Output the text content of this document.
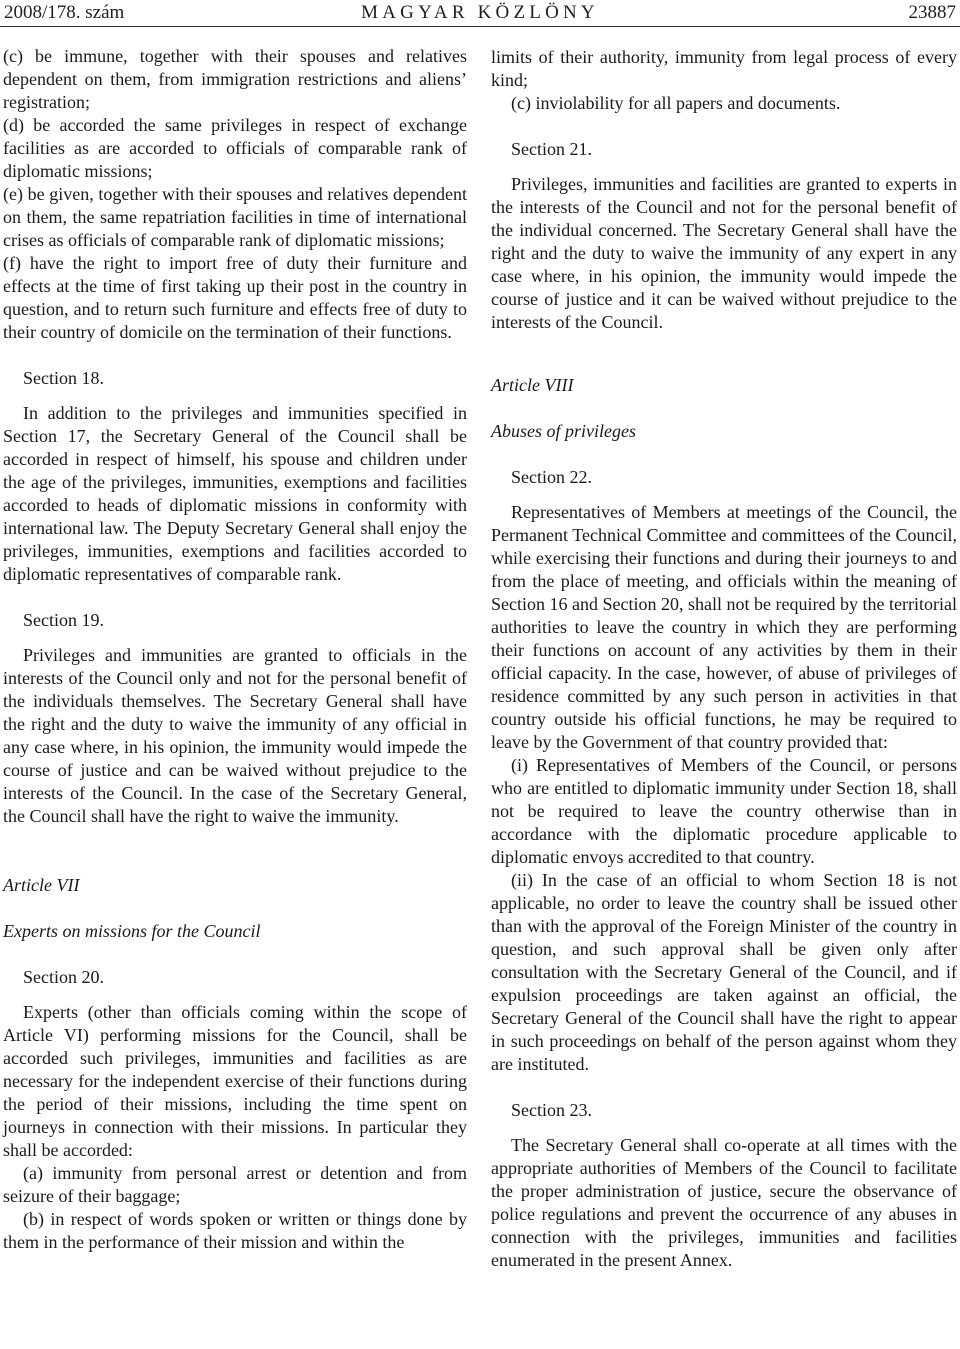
2008/178. szám	MAGYAR KÖZLÖNY	23887

(c) be immune, together with their spouses and relatives dependent on them, from immigration restrictions and aliens’ registration;

(d) be accorded the same privileges in respect of exchange facilities as are accorded to officials of comparable rank of diplomatic missions;

(e) be given, together with their spouses and relatives dependent on them, the same repatriation facilities in time of international crises as officials of comparable rank of diplomatic missions;

(f) have the right to import free of duty their furniture and effects at the time of first taking up their post in the country in question, and to return such furniture and effects free of duty to their country of domicile on the termination of their functions.

Section 18.

In addition to the privileges and immunities specified in Section 17, the Secretary General of the Council shall be accorded in respect of himself, his spouse and children under the age of the privileges, immunities, exemptions and facilities accorded to heads of diplomatic missions in conformity with international law. The Deputy Secretary General shall enjoy the privileges, immunities, exemptions and facilities accorded to diplomatic representatives of comparable rank.

Section 19.

Privileges and immunities are granted to officials in the interests of the Council only and not for the personal benefit of the individuals themselves. The Secretary General shall have the right and the duty to waive the immunity of any official in any case where, in his opinion, the immunity would impede the course of justice and can be waived without prejudice to the interests of the Council. In the case of the Secretary General, the Council shall have the right to waive the immunity.

Article VII

Experts on missions for the Council

Section 20.

Experts (other than officials coming within the scope of Article VI) performing missions for the Council, shall be accorded such privileges, immunities and facilities as are necessary for the independent exercise of their functions during the period of their missions, including the time spent on journeys in connection with their missions. In particular they shall be accorded:

(a) immunity from personal arrest or detention and from seizure of their baggage;

(b) in respect of words spoken or written or things done by them in the performance of their mission and within the

limits of their authority, immunity from legal process of every kind;

(c) inviolability for all papers and documents.

Section 21.

Privileges, immunities and facilities are granted to experts in the interests of the Council and not for the personal benefit of the individual concerned. The Secretary General shall have the right and the duty to waive the immunity of any expert in any case where, in his opinion, the immunity would impede the course of justice and it can be waived without prejudice to the interests of the Council.

Article VIII

Abuses of privileges

Section 22.

Representatives of Members at meetings of the Council, the Permanent Technical Committee and committees of the Council, while exercising their functions and during their journeys to and from the place of meeting, and officials within the meaning of Section 16 and Section 20, shall not be required by the territorial authorities to leave the country in which they are performing their functions on account of any activities by them in their official capacity. In the case, however, of abuse of privileges of residence committed by any such person in activities in that country outside his official functions, he may be required to leave by the Government of that country provided that:

(i) Representatives of Members of the Council, or persons who are entitled to diplomatic immunity under Section 18, shall not be required to leave the country otherwise than in accordance with the diplomatic procedure applicable to diplomatic envoys accredited to that country.

(ii) In the case of an official to whom Section 18 is not applicable, no order to leave the country shall be issued other than with the approval of the Foreign Minister of the country in question, and such approval shall be given only after consultation with the Secretary General of the Council, and if expulsion proceedings are taken against an official, the Secretary General of the Council shall have the right to appear in such proceedings on behalf of the person against whom they are instituted.

Section 23.

The Secretary General shall co-operate at all times with the appropriate authorities of Members of the Council to facilitate the proper administration of justice, secure the observance of police regulations and prevent the occurrence of any abuses in connection with the privileges, immunities and facilities enumerated in the present Annex.
